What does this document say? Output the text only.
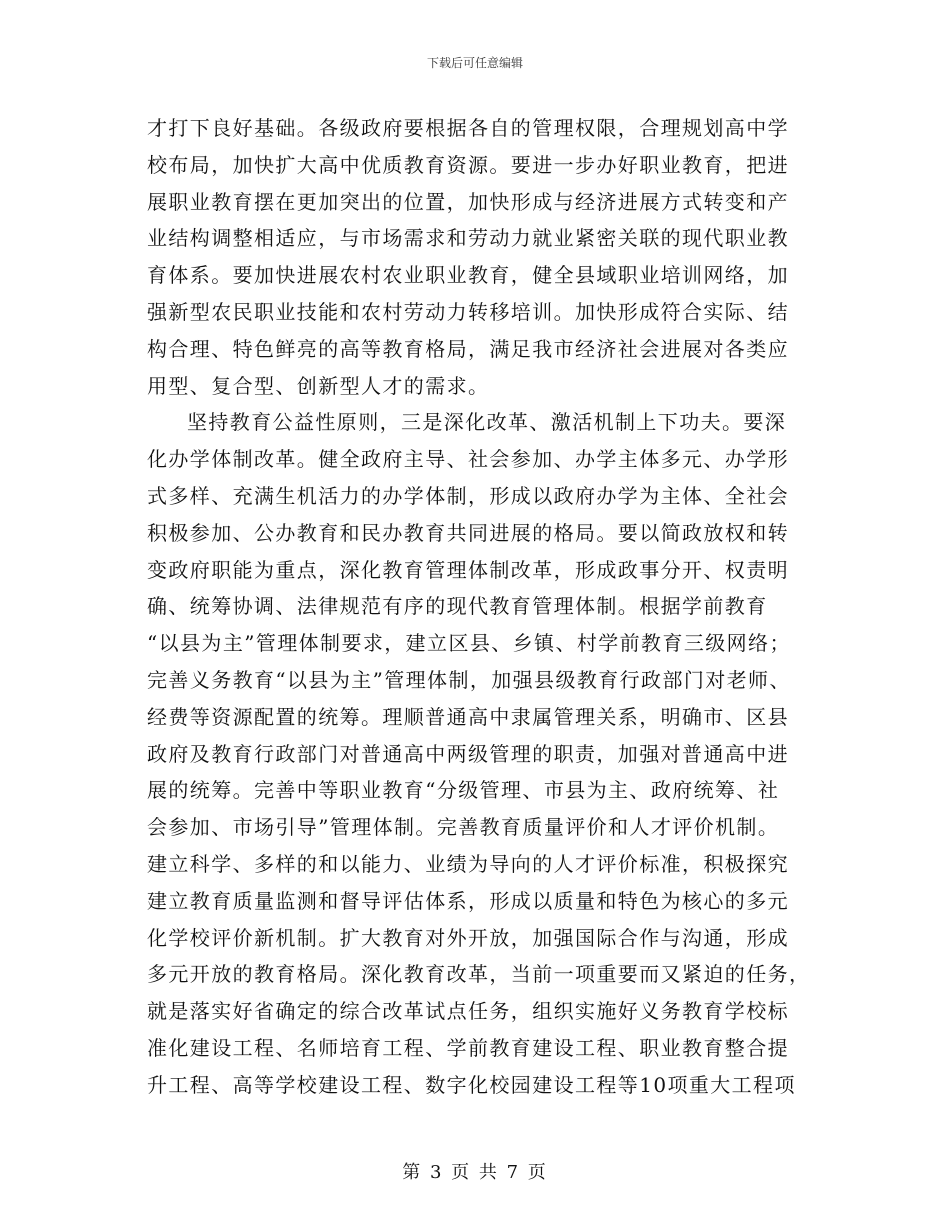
下载后可任意编辑
才打下良好基础。各级政府要根据各自的管理权限，合理规划高中学
校布局，加快扩大高中优质教育资源。要进一步办好职业教育，把进
展职业教育摆在更加突出的位置，加快形成与经济进展方式转变和产
业结构调整相适应，与市场需求和劳动力就业紧密关联的现代职业教
育体系。要加快进展农村农业职业教育，健全县域职业培训网络，加
强新型农民职业技能和农村劳动力转移培训。加快形成符合实际、结
构合理、特色鲜亮的高等教育格局，满足我市经济社会进展对各类应
用型、复合型、创新型人才的需求。
坚持教育公益性原则，三是深化改革、激活机制上下功夫。要深
化办学体制改革。健全政府主导、社会参加、办学主体多元、办学形
式多样、充满生机活力的办学体制，形成以政府办学为主体、全社会
积极参加、公办教育和民办教育共同进展的格局。要以简政放权和转
变政府职能为重点，深化教育管理体制改革，形成政事分开、权责明
确、统筹协调、法律规范有序的现代教育管理体制。根据学前教育
“以县为主”管理体制要求，建立区县、乡镇、村学前教育三级网络；
完善义务教育“以县为主”管理体制，加强县级教育行政部门对老师、
经费等资源配置的统筹。理顺普通高中隶属管理关系，明确市、区县
政府及教育行政部门对普通高中两级管理的职责，加强对普通高中进
展的统筹。完善中等职业教育“分级管理、市县为主、政府统筹、社
会参加、市场引导”管理体制。完善教育质量评价和人才评价机制。
建立科学、多样的和以能力、业绩为导向的人才评价标准，积极探究
建立教育质量监测和督导评估体系，形成以质量和特色为核心的多元
化学校评价新机制。扩大教育对外开放，加强国际合作与沟通，形成
多元开放的教育格局。深化教育改革，当前一项重要而又紧迫的任务，
就是落实好省确定的综合改革试点任务，组织实施好义务教育学校标
准化建设工程、名师培育工程、学前教育建设工程、职业教育整合提
升工程、高等学校建设工程、数字化校园建设工程等10项重大工程项
第 3 页 共 7 页
